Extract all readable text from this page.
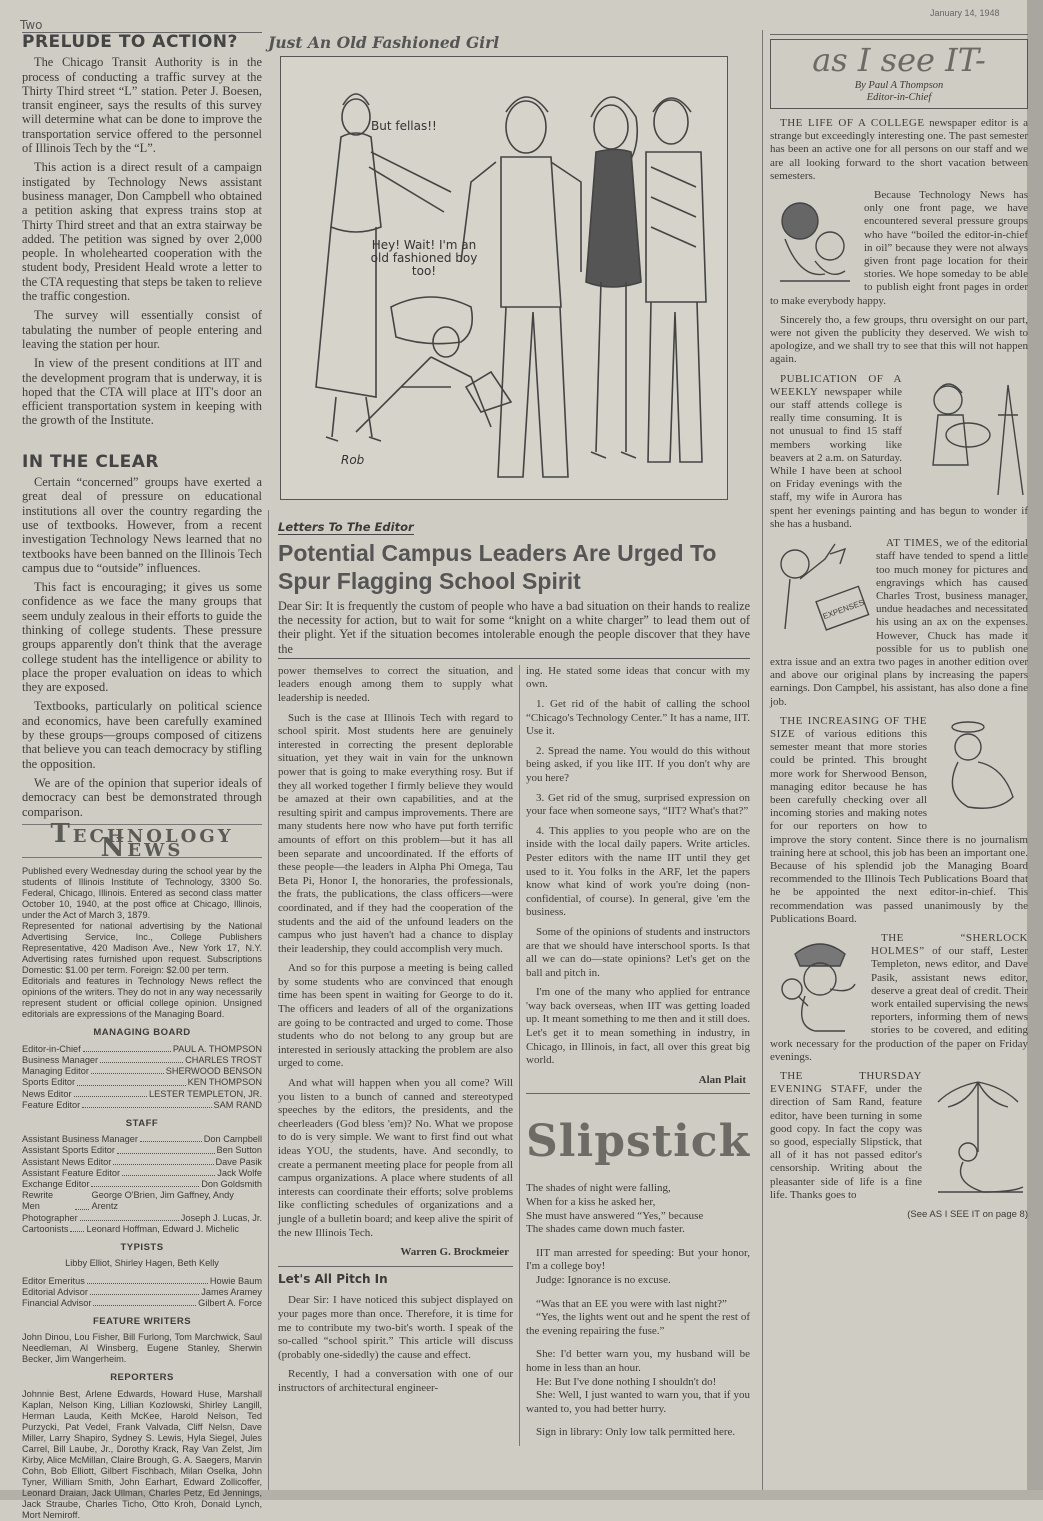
Two
January 14, 1948
PRELUDE TO ACTION?

The Chicago Transit Authority is in the process of conducting a traffic survey at the Thirty Third street “L” station. Peter J. Boesen, transit engineer, says the results of this survey will determine what can be done to improve the transportation service offered to the personnel of Illinois Tech by the “L”.

This action is a direct result of a campaign instigated by Technology News assistant business manager, Don Campbell who obtained a petition asking that express trains stop at Thirty Third street and that an extra stairway be added. The petition was signed by over 2,000 people. In wholehearted cooperation with the student body, President Heald wrote a letter to the CTA requesting that steps be taken to relieve the traffic congestion.

The survey will essentially consist of tabulating the number of people entering and leaving the station per hour.

In view of the present conditions at IIT and the development program that is underway, it is hoped that the CTA will place at IIT's door an efficient transportation system in keeping with the growth of the Institute.

IN THE CLEAR

Certain “concerned” groups have exerted a great deal of pressure on educational institutions all over the country regarding the use of textbooks. However, from a recent investigation Technology News learned that no textbooks have been banned on the Illinois Tech campus due to “outside” influences.

This fact is encouraging; it gives us some confidence as we face the many groups that seem unduly zealous in their efforts to guide the thinking of college students. These pressure groups apparently don't think that the average college student has the intelligence or ability to place the proper evaluation on ideas to which they are exposed.

Textbooks, particularly on political science and economics, have been carefully examined by these groups—groups composed of citizens that believe you can teach democracy by stifling the opposition.

We are of the opinion that superior ideals of democracy can best be demonstrated through comparison.

Technology News

Published every Wednesday during the school year by the students of Illinois Institute of Technology, 3300 So. Federal, Chicago, Illinois. Entered as second class matter October 10, 1940, at the post office at Chicago, Illinois, under the Act of March 3, 1879.

Represented for national advertising by the National Advertising Service, Inc., College Publishers Representative, 420 Madison Ave., New York 17, N.Y. Advertising rates furnished upon request. Subscriptions Domestic: $1.00 per term. Foreign: $2.00 per term.

Editorials and features in Technology News reflect the opinions of the writers. They do not in any way necessarily represent student or official college opinion. Unsigned editorials are expressions of the Managing Board.

MANAGING BOARD
Editor-in-Chief	PAUL A. THOMPSON
Business Manager	CHARLES TROST
Managing Editor	SHERWOOD BENSON
Sports Editor	KEN THOMPSON
News Editor	LESTER TEMPLETON, JR.
Feature Editor	SAM RAND
STAFF
Assistant Business Manager	Don Campbell
Assistant Sports Editor	Ben Sutton
Assistant News Editor	Dave Pasik
Assistant Feature Editor	Jack Wolfe
Exchange Editor	Don Goldsmith
Rewrite Men
George O'Brien, Jim Gaffney, Andy Arentz
Photographer	Joseph J. Lucas, Jr.
Cartoonists Leonard Hoffman, Edward J. Michelic
TYPISTS
Libby Elliot, Shirley Hagen, Beth Kelly
Editor Emeritus	Howie Baum
Editorial Advisor	James Aramey
Financial Advisor	Gilbert A. Force
FEATURE WRITERS
John Dinou, Lou Fisher, Bill Furlong, Tom Marchwick, Saul Needleman, Al Winsberg, Eugene Stanley, Sherwin Becker, Jim Wangerheim.
REPORTERS
Johnnie Best, Arlene Edwards, Howard Huse, Marshall Kaplan, Nelson King, Lillian Kozlowski, Shirley Langill, Herman Lauda, Keith McKee, Harold Nelson, Ted Purzycki, Pat Vedel, Frank Valvada, Cliff Nelsn, Dave Miller, Larry Shapiro, Sydney S. Lewis, Hyla Siegel, Jules Carrel, Bill Laube, Jr., Dorothy Krack, Ray Van Zelst, Jim Kirby, Alice McMillan, Claire Brough, G. A. Saegers, Marvin Cohn, Bob Elliott, Gilbert Fischbach, Milan Oselka, John Tyner, William Smith, John Earhart, Edward Zollicoffer, Leonard Draian, Jack Ullman, Charles Petz, Ed Jennings, Jack Straube, Charles Ticho, Otto Kroh, Donald Lynch, Mort Nemiroff.
Just An Old Fashioned Girl
But fellas!!
Hey! Wait! I'm an old fashioned boy too!
Rob
Letters To The Editor
Potential Campus Leaders Are Urged To Spur Flagging School Spirit

Dear Sir: It is frequently the custom of people who have a bad situation on their hands to realize the necessity for action, but to wait for some “knight on a white charger” to lead them out of their plight. Yet if the situation becomes intolerable enough the people discover that they have the

power themselves to correct the situation, and leaders enough among them to supply what leadership is needed.

Such is the case at Illinois Tech with regard to school spirit. Most students here are genuinely interested in correcting the present deplorable situation, yet they wait in vain for the unknown power that is going to make everything rosy. But if they all worked together I firmly believe they would be amazed at their own capabilities, and at the resulting spirit and campus improvements. There are many students here now who have put forth terrific amounts of effort on this problem—but it has all been separate and uncoordinated. If the efforts of these people—the leaders in Alpha Phi Omega, Tau Beta Pi, Honor I, the honoraries, the professionals, the frats, the publications, the class officers—were coordinated, and if they had the cooperation of the students and the aid of the unfound leaders on the campus who just haven't had a chance to display their leadership, they could accomplish very much.

And so for this purpose a meeting is being called by some students who are convinced that enough time has been spent in waiting for George to do it. The officers and leaders of all of the organizations are going to be contracted and urged to come. Those students who do not belong to any group but are interested in seriously attacking the problem are also urged to come.

And what will happen when you all come? Will you listen to a bunch of canned and stereotyped speeches by the editors, the presidents, and the cheerleaders (God bless 'em)? No. What we propose to do is very simple. We want to first find out what ideas YOU, the students, have. And secondly, to create a permanent meeting place for people from all campus organizations. A place where students of all interests can coordinate their efforts; solve problems like conflicting schedules of organizations and a jungle of a bulletin board; and keep alive the spirit of the new Illinois Tech.

Warren G. Brockmeier

Let's All Pitch In

Dear Sir: I have noticed this subject displayed on your pages more than once. Therefore, it is time for me to contribute my two-bit's worth. I speak of the so-called “school spirit.” This article will discuss (probably one-sidedly) the cause and effect.

Recently, I had a conversation with one of our instructors of architectural engineer-

ing. He stated some ideas that concur with my own.

1. Get rid of the habit of calling the school “Chicago's Technology Center.” It has a name, IIT. Use it.

2. Spread the name. You would do this without being asked, if you like IIT. If you don't why are you here?

3. Get rid of the smug, surprised expression on your face when someone says, “IIT? What's that?”

4. This applies to you people who are on the inside with the local daily papers. Write articles. Pester editors with the name IIT until they get used to it. You folks in the ARF, let the papers know what kind of work you're doing (non-confidential, of course). In general, give 'em the business.

Some of the opinions of students and instructors are that we should have interschool sports. Is that all we can do—state opinions? Let's get on the ball and pitch in.

I'm one of the many who applied for entrance 'way back overseas, when IIT was getting loaded up. It meant something to me then and it still does. Let's get it to mean something in industry, in Chicago, in Illinois, in fact, all over this great big world.

Alan Plait

Slipstick

The shades of night were falling,

When for a kiss he asked her,

She must have answered “Yes,” because

The shades came down much faster.

IIT man arrested for speeding: But your honor, I'm a college boy!

Judge: Ignorance is no excuse.

“Was that an EE you were with last night?”

“Yes, the lights went out and he spent the rest of the evening repairing the fuse.”

She: I'd better warn you, my husband will be home in less than an hour.

He: But I've done nothing I shouldn't do!

She: Well, I just wanted to warn you, that if you wanted to, you had better hurry.

Sign in library: Only low talk permitted here.

as I see IT-
By Paul A Thompson
Editor-in-Chief

THE LIFE OF A COLLEGE newspaper editor is a strange but exceedingly interesting one. The past semester has been an active one for all persons on our staff and we are all looking forward to the short vacation between semesters.

Because Technology News has only one front page, we have encountered several pressure groups who have “boiled the editor-in-chief in oil” because they were not always given front page location for their stories. We hope someday to be able to publish eight front pages in order to make everybody happy.

Sincerely tho, a few groups, thru oversight on our part, were not given the publicity they deserved. We wish to apologize, and we shall try to see that this will not happen again.

PUBLICATION OF A WEEKLY newspaper while our staff attends college is really time consuming. It is not unusual to find 15 staff members working like beavers at 2 a.m. on Saturday. While I have been at school on Friday evenings with the staff, my wife in Aurora has spent her evenings painting and has begun to wonder if she has a husband.

EXPENSES

AT TIMES, we of the editorial staff have tended to spend a little too much money for pictures and engravings which has caused Charles Trost, business manager, undue headaches and necessitated his using an ax on the expenses. However, Chuck has made it possible for us to publish one extra issue and an extra two pages in another edition over and above our original plans by increasing the papers earnings. Don Campbel, his assistant, has also done a fine job.

THE INCREASING OF THE SIZE of various editions this semester meant that more stories could be printed. This brought more work for Sherwood Benson, managing editor because he has been carefully checking over all incoming stories and making notes for our reporters on how to improve the story content. Since there is no journalism training here at school, this job has been an important one. Because of his splendid job the Managing Board recommended to the Illinois Tech Publications Board that he be appointed the next editor-in-chief. This recommendation was passed unanimously by the Publications Board.

THE “SHERLOCK HOLMES” of our staff, Lester Templeton, news editor, and Dave Pasik, assistant news editor, deserve a great deal of credit. Their work entailed supervising the news reporters, informing them of news stories to be covered, and editing work necessary for the production of the paper on Friday evenings.

THE THURSDAY EVENING STAFF, under the direction of Sam Rand, feature editor, have been turning in some good copy. In fact the copy was so good, especially Slipstick, that all of it has not passed editor's censorship. Writing about the pleasanter side of life is a fine life. Thanks goes to

(See AS I SEE IT on page 8)
